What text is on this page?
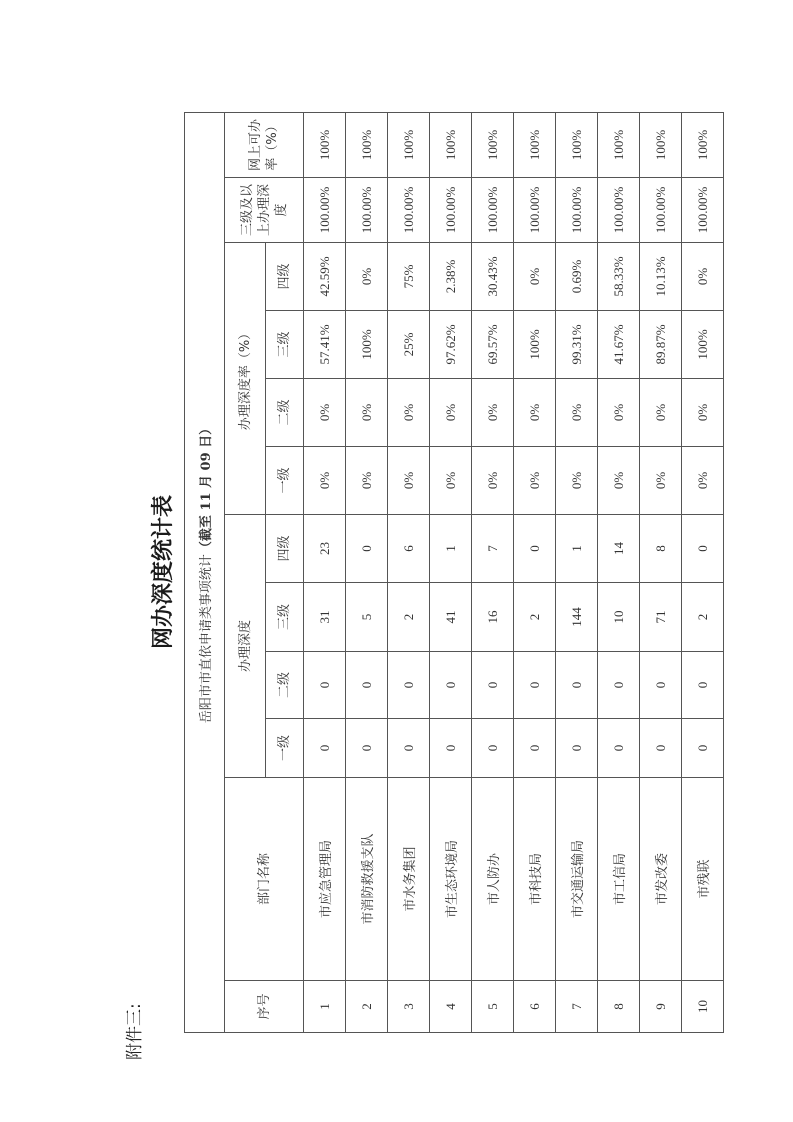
附件三:
网办深度统计表 岳阳市市直依申请类事项统计（截至 11 月 09 日）											
序号	部门名称	办理深度				办理深度率（%）				三级及以上办理深度	网上可办率（%）
		一级	二级	三级	四级	一级	二级	三级	四级		
1	市应急管理局	0	0	31	23	0%	0%	57.41%	42.59%	100.00%	100%
2	市消防救援支队	0	0	5	0	0%	0%	100%	0%	100.00%	100%
3	市水务集团	0	0	2	6	0%	0%	25%	75%	100.00%	100%
4	市生态环境局	0	0	41	1	0%	0%	97.62%	2.38%	100.00%	100%
5	市人防办	0	0	16	7	0%	0%	69.57%	30.43%	100.00%	100%
6	市科技局	0	0	2	0	0%	0%	100%	0%	100.00%	100%
7	市交通运输局	0	0	144	1	0%	0%	99.31%	0.69%	100.00%	100%
8	市工信局	0	0	10	14	0%	0%	41.67%	58.33%	100.00%	100%
9	市发改委	0	0	71	8	0%	0%	89.87%	10.13%	100.00%	100%
10	市残联	0	0	2	0	0%	0%	100%	0%	100.00%	100%
